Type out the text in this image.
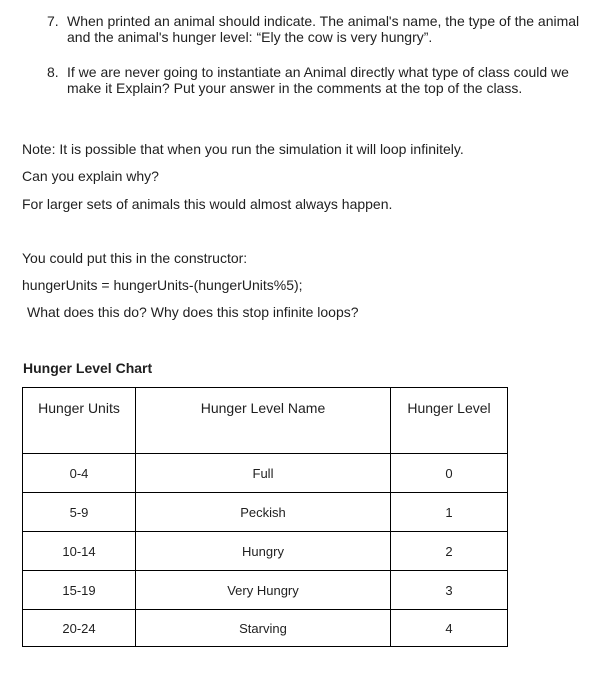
7. When printed an animal should indicate. The animal's name, the type of the animal and the animal's hunger level: “Ely the cow is very hungry”.
8. If we are never going to instantiate an Animal directly what type of class could we make it Explain? Put your answer in the comments at the top of the class.
Note: It is possible that when you run the simulation it will loop infinitely.
Can you explain why?
For larger sets of animals this would almost always happen.
You could put this in the constructor:
hungerUnits = hungerUnits-(hungerUnits%5);
What does this do? Why does this stop infinite loops?
Hunger Level Chart
Hunger Units	Hunger Level Name	Hunger Level
0-4	Full	0
5-9	Peckish	1
10-14	Hungry	2
15-19	Very Hungry	3
20-24	Starving	4
